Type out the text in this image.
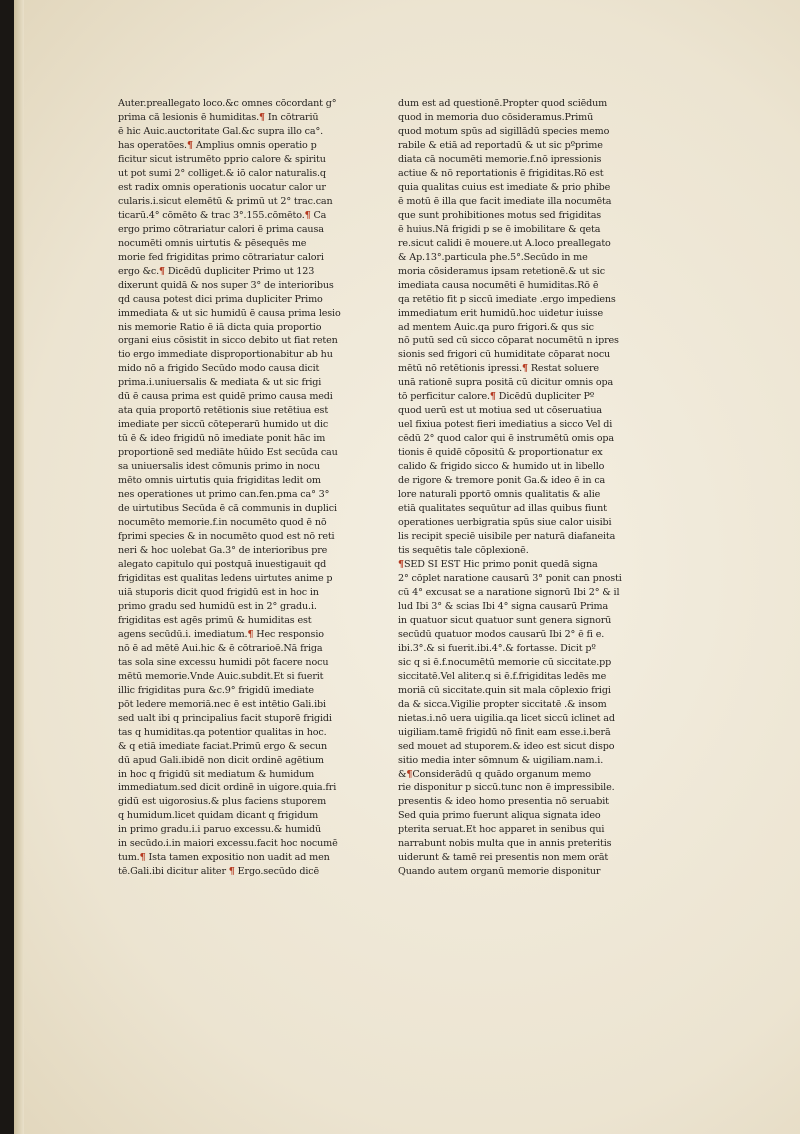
Auter.preallegato loco.&c omnes cōcordant g°
prima că lesionis ē humiditas.¶ In cōtrariū
ē hic Auic.auctoritate Gal.&c supra illo ca°.
has operatōes.¶ Amplius omnis operatio p
ficitur sicut istrumēto pprio calore & spiritu
ut pot sumi 2° colliget.& iō calor naturalis.q
est radix omnis operationis uocatur calor ur
cularis.i.sicut elemētū & primū ut 2° trac.can
ticarū.4° cōmēto & trac 3°.155.cōmēto.¶ Ca
ergo primo cōtrariatur calori ē prima causa
nocumēti omnis uirtutis & pēsequēs me
morie fed frigiditas primo cōtrariatur calori
ergo &c.¶ Dicēdū dupliciter Primo ut 123
dixerunt quidā & nos super 3° de interioribus
qd causa potest dici prima dupliciter Primo
immediata & ut sic humidū ē causa prima lesio
nis memorie Ratio ē iā dicta quia proportio
organi eius cōsistit in sicco debito ut fiat reten
tio ergo immediate disproportionabitur ab hu
mido nō a frigido Secūdo modo causa dicit
prima.i.uniuersalis & mediata & ut sic frigi
dū ē causa prima est quidē primo causa medi
ata quia proportō retētionis siue retētiua est
imediate per siccū cōteperarū humido ut dic
tū ē & ideo frigidū nō imediate ponit hāc im
proportionē sed mediāte hūido Est secūda cau
sa uniuersalis idest cōmunis primo in nocu
mēto omnis uirtutis quia frigiditas ledit om
nes operationes ut primo can.fen.pma ca° 3°
de uirtutibus Secūda ē că communis in duplici
nocumēto memorie.f.in nocumēto quod ē nō
fprimi species & in nocumēto quod est nō reti
neri & hoc uolebat Ga.3° de interioribus pre
alegato capitulo qui postquā inuestigauit qd
frigiditas est qualitas ledens uirtutes anime p
uiā stuporis dicit quod frigidū est in hoc in
primo gradu sed humidū est in 2° gradu.i.
frigiditas est agēs primū & humiditas est
agens secūdū.i. imediatum.¶ Hec responsio
nō ē ad mētē Aui.hic & ē cōtrarioē.Nā friga
tas sola sine excessu humidi pōt facere nocu
mētū memorie.Vnde Auic.subdit.Et si fuerit
illic frigiditas pura &c.9° frigidū imediate
pōt ledere memoriā.nec ē est intētio Gali.ibi
sed ualt ibi q principalius facit stuporē frigidi
tas q humiditas.qa potentior qualitas in hoc.
& q etiā imediate faciat.Primū ergo & secun
dū apud Gali.ibidē non dicit ordinē agētium
in hoc q frigidū sit mediatum & humidum
immediatum.sed dicit ordinē in uigore.quia.fri
gidū est uigorosius.& plus faciens stuporem
q humidum.licet quidam dicant q frigidum
in primo gradu.i.i paruo excessu.& humidū
in secūdo.i.in maiori excessu.facit hoc nocumē
tum.¶ Ista tamen expositio non uadit ad men
tē.Gali.ibi dicitur aliter ¶ Ergo.secūdo dicē
dum est ad questionē.Propter quod sciēdum
quod in memoria duo cōsideramus.Primū
quod motum spūs ad sigillādū species memo
rabile & etiā ad reportadū & ut sic pºprime
diata cā nocumēti memorie.f.nō ipressionis
actiue & nō reportationis ē frigiditas.Rō est
quia qualitas cuius est imediate & prio phibe
ē motū ē illa que facit imediate illa nocumēta
que sunt prohibitiones motus sed frigiditas
ē huius.Nā frigidi p se ē imobilitare & qeta
re.sicut calidi ē mouere.ut A.loco preallegato
& Ap.13°.particula phe.5°.Secūdo in me
moria cōsideramus ipsam retetionē.& ut sic
imediata causa nocumēti ē humiditas.Rō ē
qa retētio fit p siccū imediate .ergo impediens
immediatum erit humidū.hoc uidetur iuisse
ad mentem Auic.qa puro frigori.& qus sic
nō putū sed cū sicco cōparat nocumētū n ipres
sionis sed frigori cū humiditate cōparat nocu
mētū nō retētionis ipressi.¶ Restat soluere
unā rationē supra positā cū dicitur omnis opa
tō perficitur calore.¶ Dicēdū dupliciter Pº
quod uerū est ut motiua sed ut cōseruatiua
uel fixiua potest fieri imediatius a sicco Vel di
cēdū 2° quod calor qui ē instrumētū omis opa
tionis ē quidē cōpositū & proportionatur ex
calido & frigido sicco & humido ut in libello
de rigore & tremore ponit Ga.& ideo ē in ca
lore naturali pportō omnis qualitatis & alie
etiā qualitates sequūtur ad illas quibus fiunt
operationes uerbigratia spūs siue calor uisibi
lis recipit speciē uisibile per naturā diafaneita
tis sequētis tale cōplexionē.
¶SED SI EST Hic primo ponit quedā signa
2° cōplet naratione causarū 3° ponit can pnosti
cū 4° excusat se a naratione signorū Ibi 2° & il
lud Ibi 3° & scias Ibi 4° signa causarū Prima
in quatuor sicut quatuor sunt genera signorū
secūdū quatuor modos causarū Ibi 2° ē fi e.
ibi.3°.& si fuerit.ibi.4°.& fortasse. Dicit pº
sic q si ē.f.nocumētū memorie cū siccitate.pp
siccitatē.Vel aliter.q si ē.f.frigiditas ledēs me
moriā cū siccitate.quin sit mala cōplexio frigi
da & sicca.Vigilie propter siccitatē .& insom
nietas.i.nō uera uigilia.qa licet siccū iclinet ad
uigiliam.tamē frigidū nō finit eam esse.i.berā
sed mouet ad stuporem.& ideo est sicut dispo
sitio media inter sōmnum & uigiliam.nam.i.
&¶Considerādū q quādo organum memo
rie disponitur p siccū.tunc non ē impressibile.
presentis & ideo homo presentia nō seruabit
Sed quia primo fuerunt aliqua signata ideo
pterita seruat.Et hoc apparet in senibus qui
narrabunt nobis multa que in annis preteritis
uiderunt & tamē rei presentis non mem orāt
Quando autem organū memorie disponitur
